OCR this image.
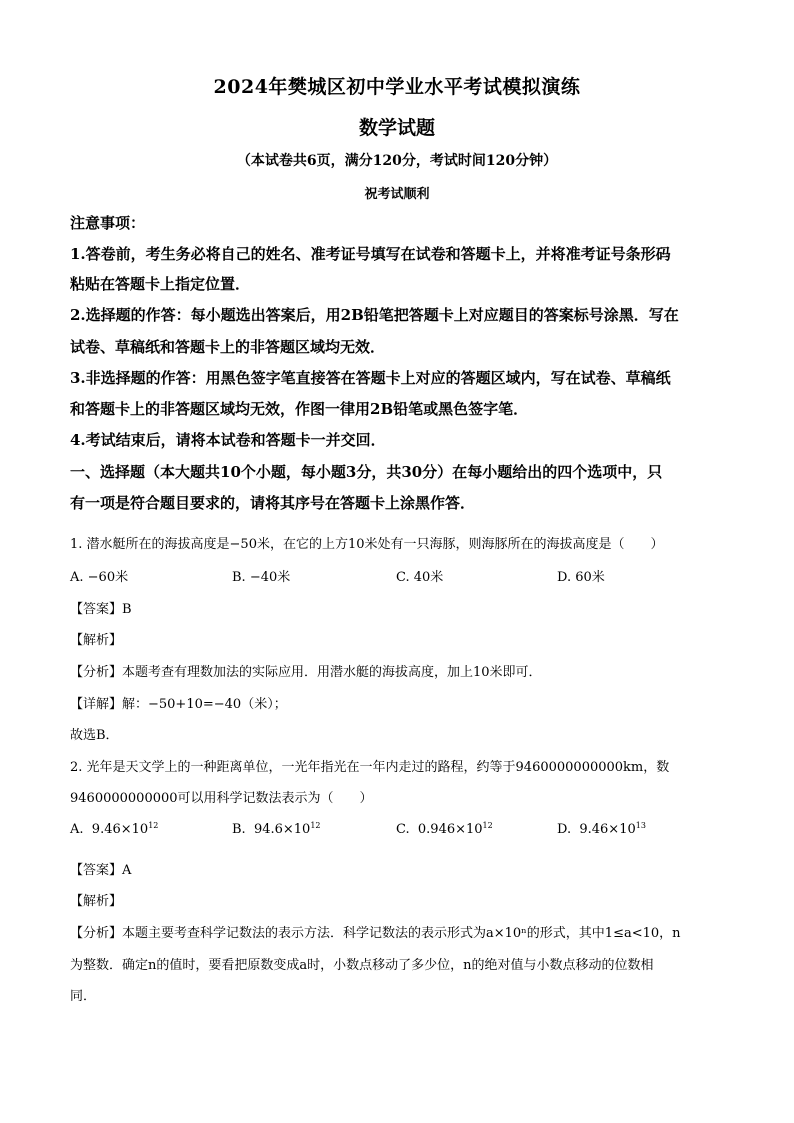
2024年樊城区初中学业水平考试模拟演练
数学试题
（本试卷共6页，满分120分，考试时间120分钟）
祝考试顺利
注意事项：
1.答卷前，考生务必将自己的姓名、准考证号填写在试卷和答题卡上，并将准考证号条形码
粘贴在答题卡上指定位置．
2.选择题的作答：每小题选出答案后，用2B铅笔把答题卡上对应题目的答案标号涂黑．写在
试卷、草稿纸和答题卡上的非答题区域均无效．
3.非选择题的作答：用黑色签字笔直接答在答题卡上对应的答题区域内，写在试卷、草稿纸
和答题卡上的非答题区域均无效，作图一律用2B铅笔或黑色签字笔．
4.考试结束后，请将本试卷和答题卡一并交回．
一、选择题（本大题共10个小题，每小题3分，共30分）在每小题给出的四个选项中，只
有一项是符合题目要求的，请将其序号在答题卡上涂黑作答．
1. 潜水艇所在的海拔高度是−50米，在它的上方10米处有一只海豚，则海豚所在的海拔高度是（　　）
A. −60米	B. −40米	C. 40米	D. 60米
【答案】B
【解析】
【分析】本题考查有理数加法的实际应用．用潜水艇的海拔高度，加上10米即可．
【详解】解：−50+10=−40（米）；
故选B．
2. 光年是天文学上的一种距离单位，一光年指光在一年内走过的路程，约等于9460000000000km，数
9460000000000可以用科学记数法表示为（　　）
A. $9.46\times 10^{12}$	B. $94.6\times 10^{12}$	C. $0.946\times 10^{12}$	D. $9.46\times 10^{13}$
【答案】A
【解析】
【分析】本题主要考查科学记数法的表示方法．科学记数法的表示形式为a×10ⁿ的形式，其中1≤a<10，n
为整数．确定n的值时，要看把原数变成a时，小数点移动了多少位，n的绝对值与小数点移动的位数相
同．
